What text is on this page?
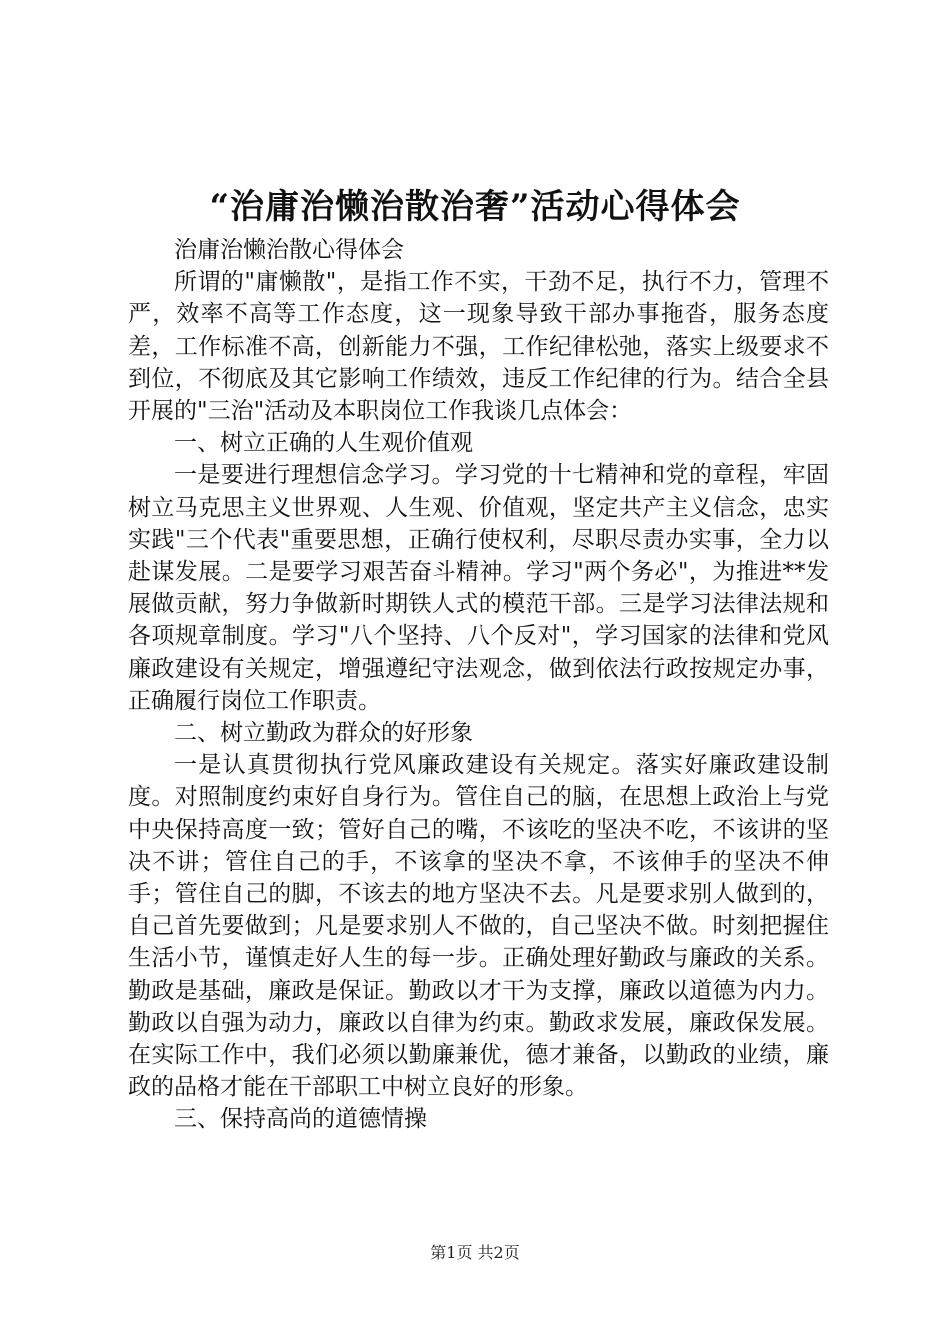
“治庸治懒治散治奢”活动心得体会

治庸治懒治散心得体会

所谓的"庸懒散"，是指工作不实，干劲不足，执行不力，管理不严，效率不高等工作态度，这一现象导致干部办事拖沓，服务态度差，工作标准不高，创新能力不强，工作纪律松弛，落实上级要求不到位，不彻底及其它影响工作绩效，违反工作纪律的行为。结合全县开展的"三治"活动及本职岗位工作我谈几点体会：

一、树立正确的人生观价值观

一是要进行理想信念学习。学习党的十七精神和党的章程，牢固树立马克思主义世界观、人生观、价值观，坚定共产主义信念，忠实实践"三个代表"重要思想，正确行使权利，尽职尽责办实事，全力以赴谋发展。二是要学习艰苦奋斗精神。学习"两个务必"，为推进**发展做贡献，努力争做新时期铁人式的模范干部。三是学习法律法规和各项规章制度。学习"八个坚持、八个反对"，学习国家的法律和党风廉政建设有关规定，增强遵纪守法观念，做到依法行政按规定办事，正确履行岗位工作职责。

二、树立勤政为群众的好形象

一是认真贯彻执行党风廉政建设有关规定。落实好廉政建设制度。对照制度约束好自身行为。管住自己的脑，在思想上政治上与党中央保持高度一致；管好自己的嘴，不该吃的坚决不吃，不该讲的坚决不讲；管住自己的手，不该拿的坚决不拿，不该伸手的坚决不伸手；管住自己的脚，不该去的地方坚决不去。凡是要求别人做到的，自己首先要做到；凡是要求别人不做的，自己坚决不做。时刻把握住生活小节，谨慎走好人生的每一步。正确处理好勤政与廉政的关系。勤政是基础，廉政是保证。勤政以才干为支撑，廉政以道德为内力。勤政以自强为动力，廉政以自律为约束。勤政求发展，廉政保发展。在实际工作中，我们必须以勤廉兼优，德才兼备，以勤政的业绩，廉政的品格才能在干部职工中树立良好的形象。

三、保持高尚的道德情操

第1页 共2页
